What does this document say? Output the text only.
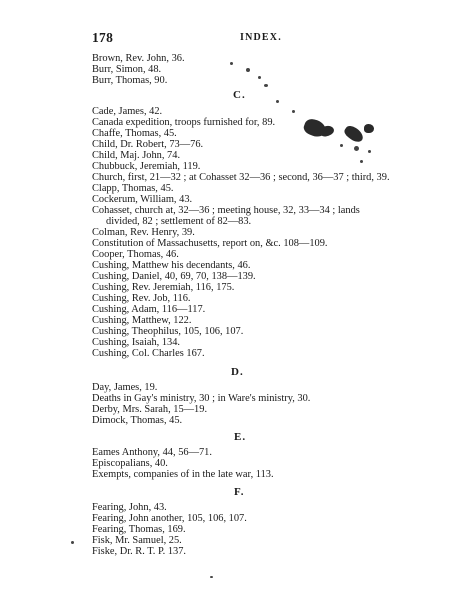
178	INDEX.
Brown, Rev. John, 36.
Burr, Simon, 48.
Burr, Thomas, 90.
C.
Cade, James, 42.
Canada expedition, troops furnished for, 89.
Chaffe, Thomas, 45.
Child, Dr. Robert, 73—76.
Child, Maj. John, 74.
Chubbuck, Jeremiah, 119.
Church, first, 21—32 ; at Cohasset 32—36 ; second, 36—37 ; third, 39.
Clapp, Thomas, 45.
Cockerum, William, 43.
Cohasset, church at, 32—36 ; meeting house, 32, 33—34 ; lands
divided, 82 ; settlement of 82—83.
Colman, Rev. Henry, 39.
Constitution of Massachusetts, report on, &c. 108—109.
Cooper, Thomas, 46.
Cushing, Matthew his decendants, 46.
Cushing, Daniel, 40, 69, 70, 138—139.
Cushing, Rev. Jeremiah, 116, 175.
Cushing, Rev. Job, 116.
Cushing, Adam, 116—117.
Cushing, Matthew, 122.
Cushing, Theophilus, 105, 106, 107.
Cushing, Isaiah, 134.
Cushing, Col. Charles 167.
D.
Day, James, 19.
Deaths in Gay's ministry, 30 ; in Ware's ministry, 30.
Derby, Mrs. Sarah, 15—19.
Dimock, Thomas, 45.
E.
Eames Anthony, 44, 56—71.
Episcopalians, 40.
Exempts, companies of in the late war, 113.
F.
Fearing, John, 43.
Fearing, John another, 105, 106, 107.
Fearing, Thomas, 169.
Fisk, Mr. Samuel, 25.
Fiske, Dr. R. T. P. 137.
